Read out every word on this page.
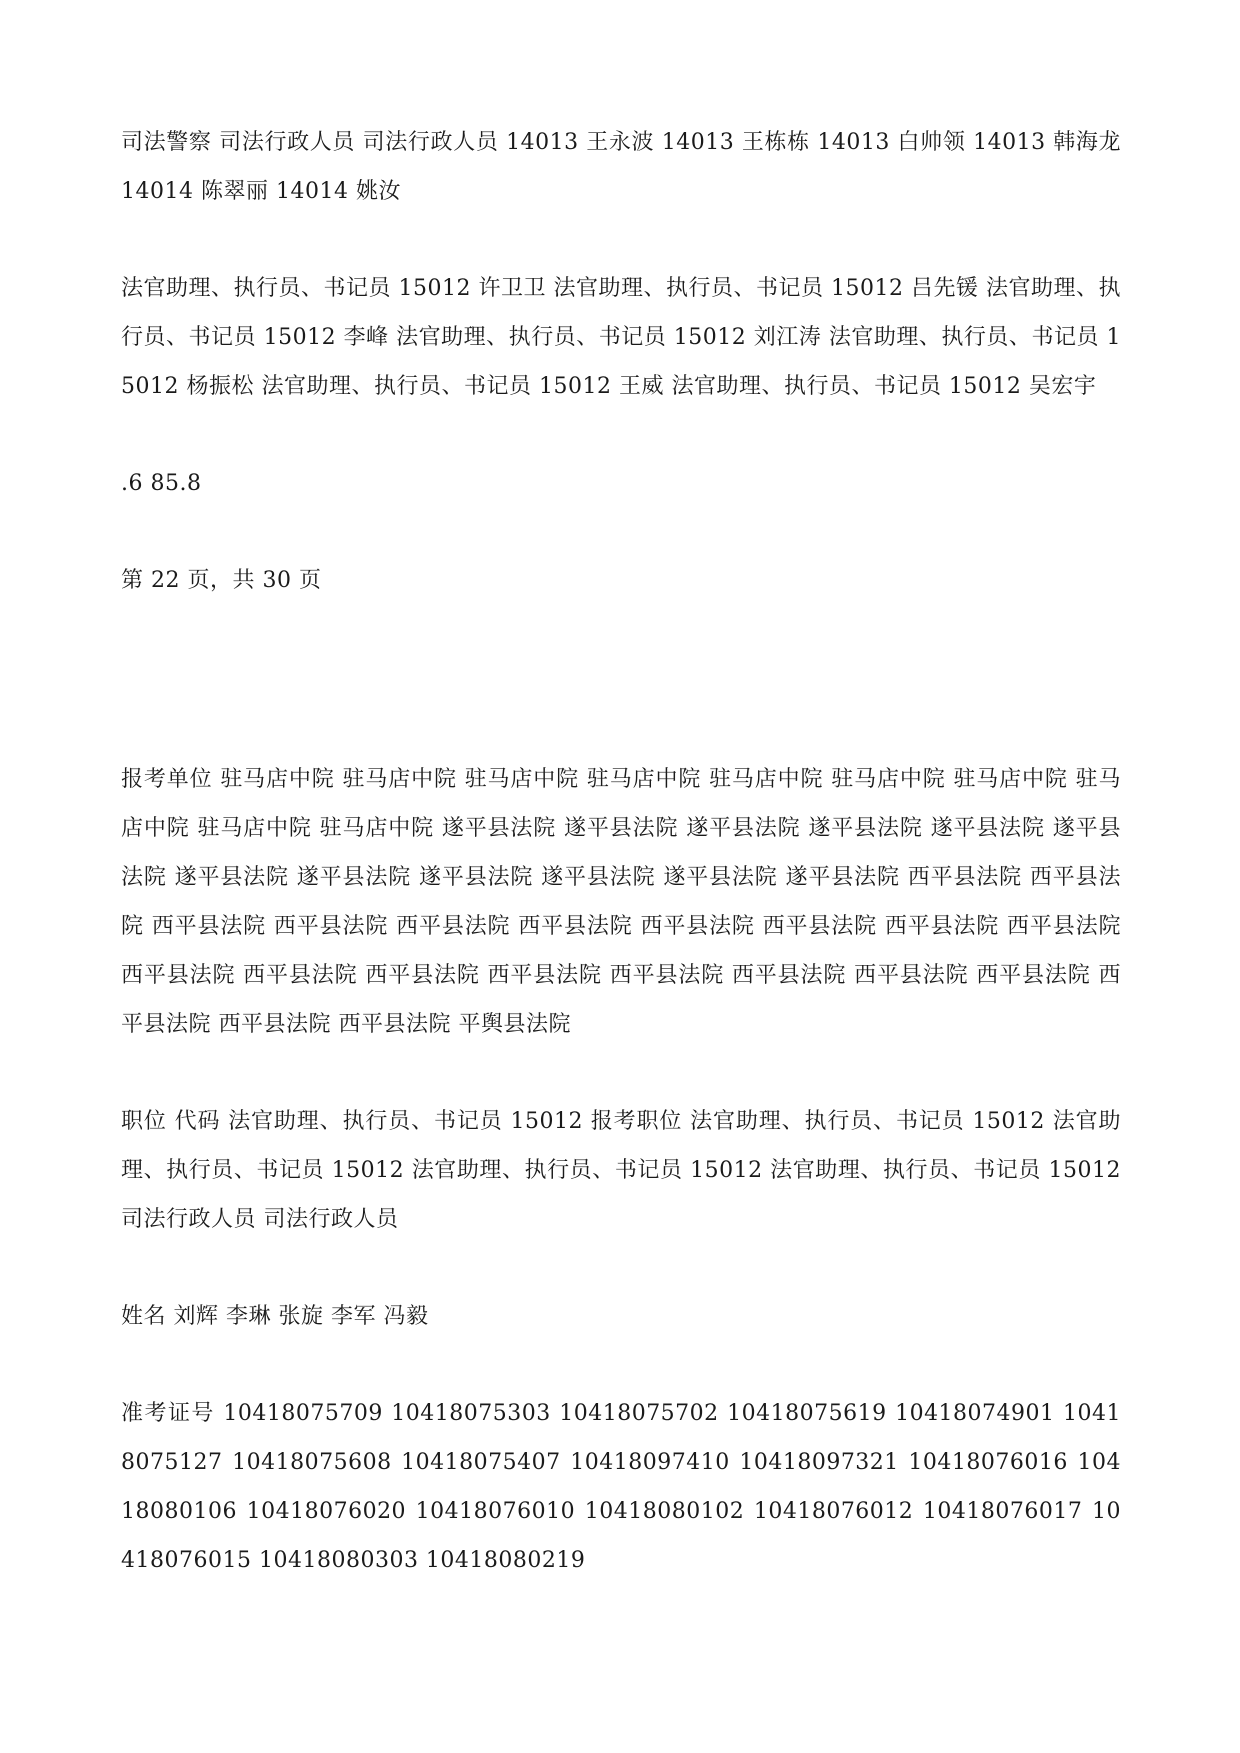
司法警察 司法行政人员 司法行政人员 14013 王永波 14013 王栋栋 14013 白帅领 14013 韩海龙 14014 陈翠丽 14014 姚汝

法官助理、执行员、书记员 15012 许卫卫 法官助理、执行员、书记员 15012 吕先锾 法官助理、执行员、书记员 15012 李峰 法官助理、执行员、书记员 15012 刘江涛 法官助理、执行员、书记员 15012 杨振松 法官助理、执行员、书记员 15012 王威 法官助理、执行员、书记员 15012 吴宏宇

.6 85.8

第 22 页，共 30 页

报考单位 驻马店中院 驻马店中院 驻马店中院 驻马店中院 驻马店中院 驻马店中院 驻马店中院 驻马店中院 驻马店中院 驻马店中院 遂平县法院 遂平县法院 遂平县法院 遂平县法院 遂平县法院 遂平县法院 遂平县法院 遂平县法院 遂平县法院 遂平县法院 遂平县法院 遂平县法院 西平县法院 西平县法院 西平县法院 西平县法院 西平县法院 西平县法院 西平县法院 西平县法院 西平县法院 西平县法院 西平县法院 西平县法院 西平县法院 西平县法院 西平县法院 西平县法院 西平县法院 西平县法院 西平县法院 西平县法院 西平县法院 平舆县法院

职位 代码 法官助理、执行员、书记员 15012 报考职位 法官助理、执行员、书记员 15012 法官助理、执行员、书记员 15012 法官助理、执行员、书记员 15012 法官助理、执行员、书记员 15012 司法行政人员 司法行政人员

姓名 刘辉 李琳 张旋 李军 冯毅

准考证号 10418075709 10418075303 10418075702 10418075619 10418074901 10418075127 10418075608 10418075407 10418097410 10418097321 10418076016 10418080106 10418076020 10418076010 10418080102 10418076012 10418076017 10418076015 10418080303 10418080219
